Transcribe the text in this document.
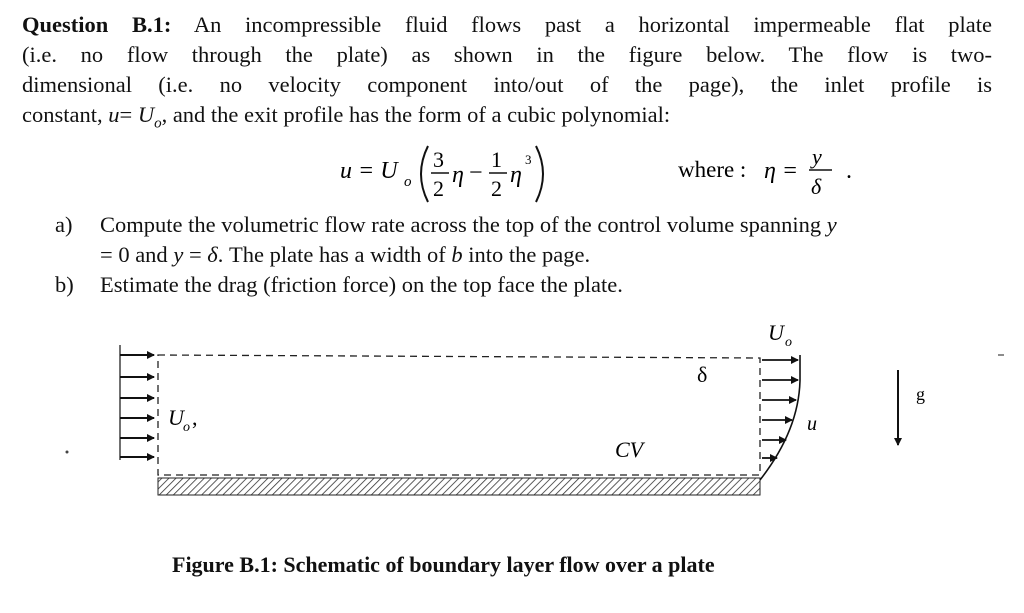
Question B.1: An incompressible fluid flows past a horizontal impermeable flat plate
(i.e. no flow through the plate) as shown in the figure below. The flow is two-
dimensional (i.e. no velocity component into/out of the page), the inlet profile is
constant, $u= U_o$, and the exit profile has the form of a cubic polynomial:
u = U o
3
2
η −
1
2
η
3	where : η =
y
δ
.
a)	Compute the volumetric flow rate across the top of the control volume spanning y
= 0 and y = δ. The plate has a width of b into the page.
b)	Estimate the drag (friction force) on the top face the plate.
U o ,
U o
δ
u
CV
g
Figure B.1: Schematic of boundary layer flow over a plate
